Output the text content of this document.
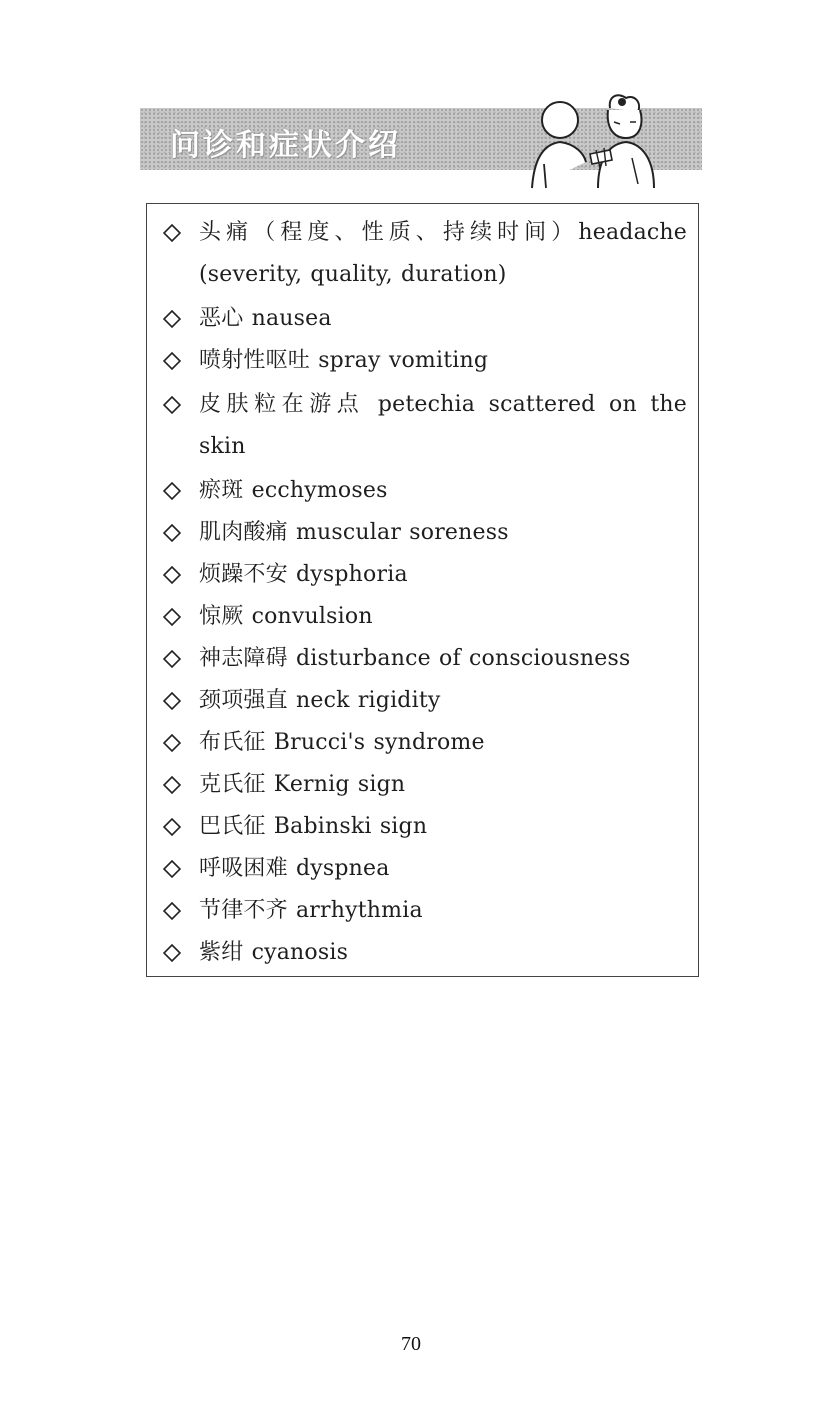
问诊和症状介绍
头痛（程度、性质、持续时间）headache (severity, quality, duration)
恶心 nausea
喷射性呕吐 spray vomiting
皮肤粒在游点 petechia scattered on the skin
瘀斑 ecchymoses
肌肉酸痛 muscular soreness
烦躁不安 dysphoria
惊厥 convulsion
神志障碍 disturbance of consciousness
颈项强直 neck rigidity
布氏征 Brucci's syndrome
克氏征 Kernig sign
巴氏征 Babinski sign
呼吸困难 dyspnea
节律不齐 arrhythmia
紫绀 cyanosis
70
